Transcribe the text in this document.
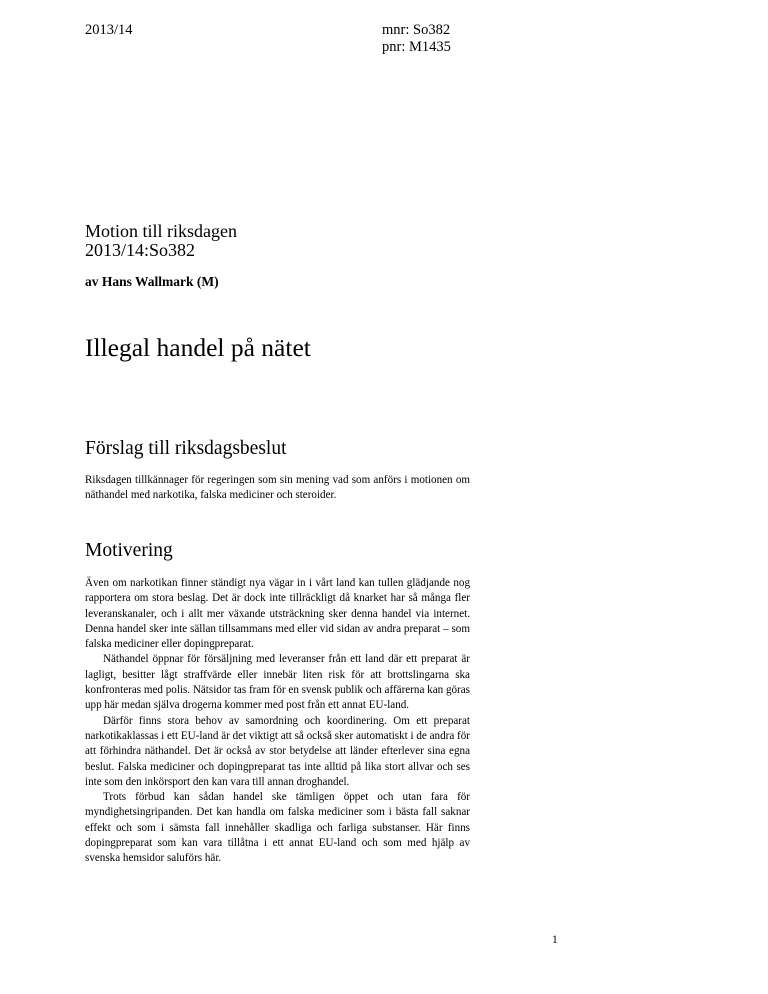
2013/14	mnr: So382
pnr: M1435
Motion till riksdagen
2013/14:So382
av Hans Wallmark (M)
Illegal handel på nätet
Förslag till riksdagsbeslut

Riksdagen tillkännager för regeringen som sin mening vad som anförs i motionen om näthandel med narkotika, falska mediciner och steroider.

Motivering

Även om narkotikan finner ständigt nya vägar in i vårt land kan tullen glädjande nog rapportera om stora beslag. Det är dock inte tillräckligt då knarket har så många fler leveranskanaler, och i allt mer växande utsträckning sker denna handel via internet. Denna handel sker inte sällan tillsammans med eller vid sidan av andra preparat – som falska mediciner eller dopingpreparat.

Näthandel öppnar för försäljning med leveranser från ett land där ett preparat är lagligt, besitter lågt straffvärde eller innebär liten risk för att brottslingarna ska konfronteras med polis. Nätsidor tas fram för en svensk publik och affärerna kan göras upp här medan själva drogerna kommer med post från ett annat EU-land.

Därför finns stora behov av samordning och koordinering. Om ett preparat narkotikaklassas i ett EU-land är det viktigt att så också sker automatiskt i de andra för att förhindra näthandel. Det är också av stor betydelse att länder efterlever sina egna beslut. Falska mediciner och dopingpreparat tas inte alltid på lika stort allvar och ses inte som den inkörsport den kan vara till annan droghandel.

Trots förbud kan sådan handel ske tämligen öppet och utan fara för myndighetsingripanden. Det kan handla om falska mediciner som i bästa fall saknar effekt och som i sämsta fall innehåller skadliga och farliga substanser. Här finns dopingpreparat som kan vara tillåtna i ett annat EU-land och som med hjälp av svenska hemsidor saluförs här.

1
